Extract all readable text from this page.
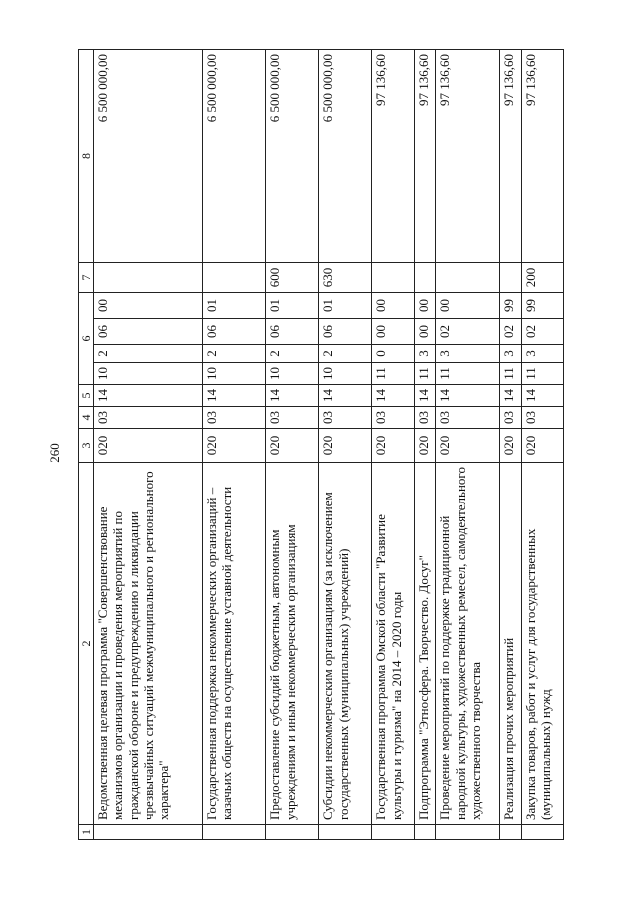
260
1	2	3	4	5	6				7	8
	Ведомственная целевая программа "Совершенствование механизмов организации и проведения мероприятий по гражданской обороне и предупреждению и ликвидации чрезвычайных ситуаций межмуниципального и регионального характера"	020	03	14	10	2	06	00		6 500 000,00
	Государственная поддержка некоммерческих организаций – казачьих обществ на осуществление уставной деятельности	020	03	14	10	2	06	01		6 500 000,00
	Предоставление субсидий бюджетным, автономным учреждениям и иным некоммерческим организациям	020	03	14	10	2	06	01	600	6 500 000,00
	Субсидии некоммерческим организациям (за исключением государственных (муниципальных) учреждений)	020	03	14	10	2	06	01	630	6 500 000,00
	Государственная программа Омской области "Развитие культуры и туризма" на 2014 – 2020 годы	020	03	14	11	0	00	00		97 136,60
	Подпрограмма "Этносфера. Творчество. Досуг"	020	03	14	11	3	00	00		97 136,60
	Проведение мероприятий по поддержке традиционной народной культуры, художественных ремесел, самодеятельного художественного творчества	020	03	14	11	3	02	00		97 136,60
	Реализация прочих мероприятий	020	03	14	11	3	02	99		97 136,60
	Закупка товаров, работ и услуг для государственных (муниципальных) нужд	020	03	14	11	3	02	99	200	97 136,60
